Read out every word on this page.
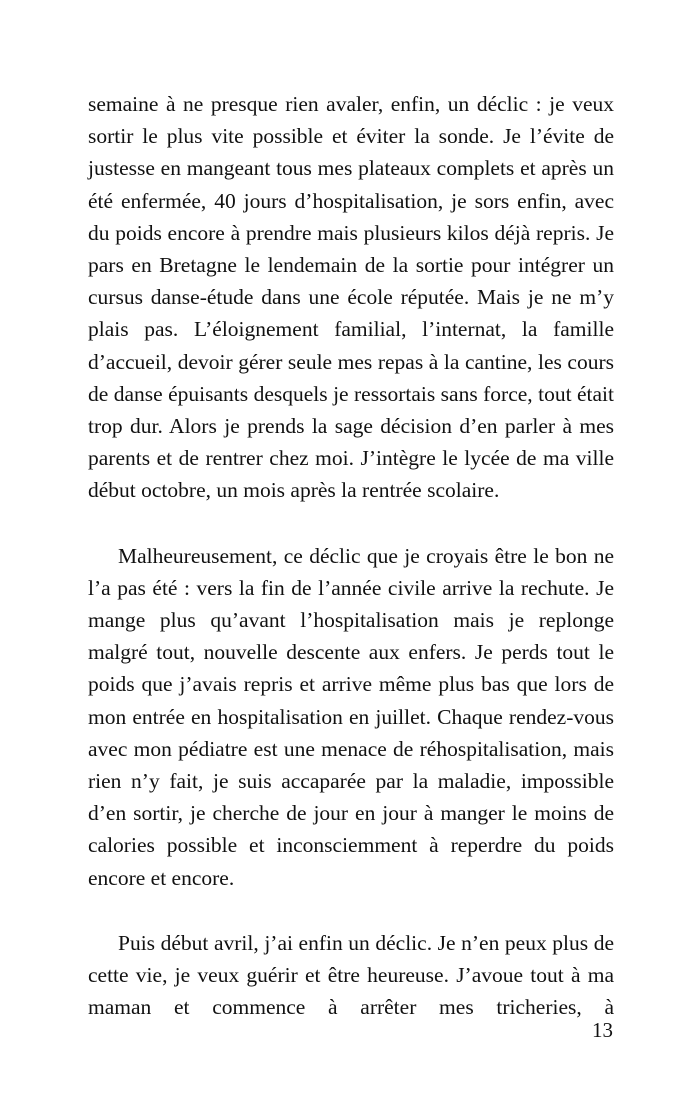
semaine à ne presque rien avaler, enfin, un déclic : je veux sortir le plus vite possible et éviter la sonde. Je l’évite de justesse en mangeant tous mes plateaux complets et après un été enfermée, 40 jours d’hospitalisation, je sors enfin, avec du poids encore à prendre mais plusieurs kilos déjà repris. Je pars en Bretagne le lendemain de la sortie pour intégrer un cursus danse-étude dans une école réputée. Mais je ne m’y plais pas. L’éloignement familial, l’internat, la famille d’accueil, devoir gérer seule mes repas à la cantine, les cours de danse épuisants desquels je ressortais sans force, tout était trop dur. Alors je prends la sage décision d’en parler à mes parents et de rentrer chez moi. J’intègre le lycée de ma ville début octobre, un mois après la rentrée scolaire.

Malheureusement, ce déclic que je croyais être le bon ne l’a pas été : vers la fin de l’année civile arrive la rechute. Je mange plus qu’avant l’hospitalisation mais je replonge malgré tout, nouvelle descente aux enfers. Je perds tout le poids que j’avais repris et arrive même plus bas que lors de mon entrée en hospitalisation en juillet. Chaque rendez-vous avec mon pédiatre est une menace de réhospitalisation, mais rien n’y fait, je suis accaparée par la maladie, impossible d’en sortir, je cherche de jour en jour à manger le moins de calories possible et inconsciemment à reperdre du poids encore et encore.

Puis début avril, j’ai enfin un déclic. Je n’en peux plus de cette vie, je veux guérir et être heureuse. J’avoue tout à ma maman et commence à arrêter mes tricheries, à

13
